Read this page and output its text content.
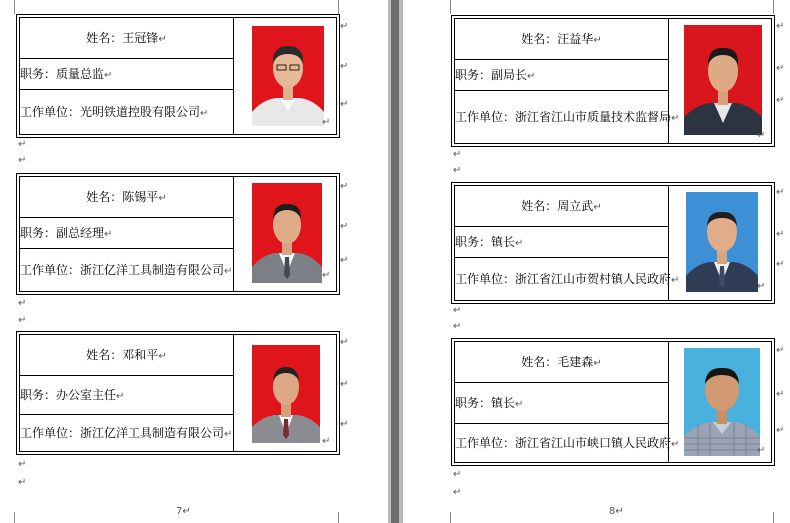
姓名：王冠锋↵
职务：质量总监↵
工作单位：光明铁道控股有限公司↵
↵
↵
↵
↵
↵
↵
姓名：陈锡平↵
职务：副总经理↵
工作单位：浙江亿洋工具制造有限公司↵	↵
↵
↵
↵
↵
↵
姓名：邓和平↵
职务：办公室主任↵
工作单位：浙江亿洋工具制造有限公司↵
↵
↵
↵
↵
↵
↵
7↵
姓名：汪益华↵
职务：副局长↵
工作单位：浙江省江山市质量技术监督局↵
↵
↵
↵
↵
↵
↵
姓名：周立武↵
职务：镇长↵
工作单位：浙江省江山市贺村镇人民政府↵
↵
↵
↵
↵
↵
↵
姓名：毛建森↵
职务：镇长↵
工作单位：浙江省江山市峡口镇人民政府↵
↵
↵
↵
↵
↵
↵
8↵
